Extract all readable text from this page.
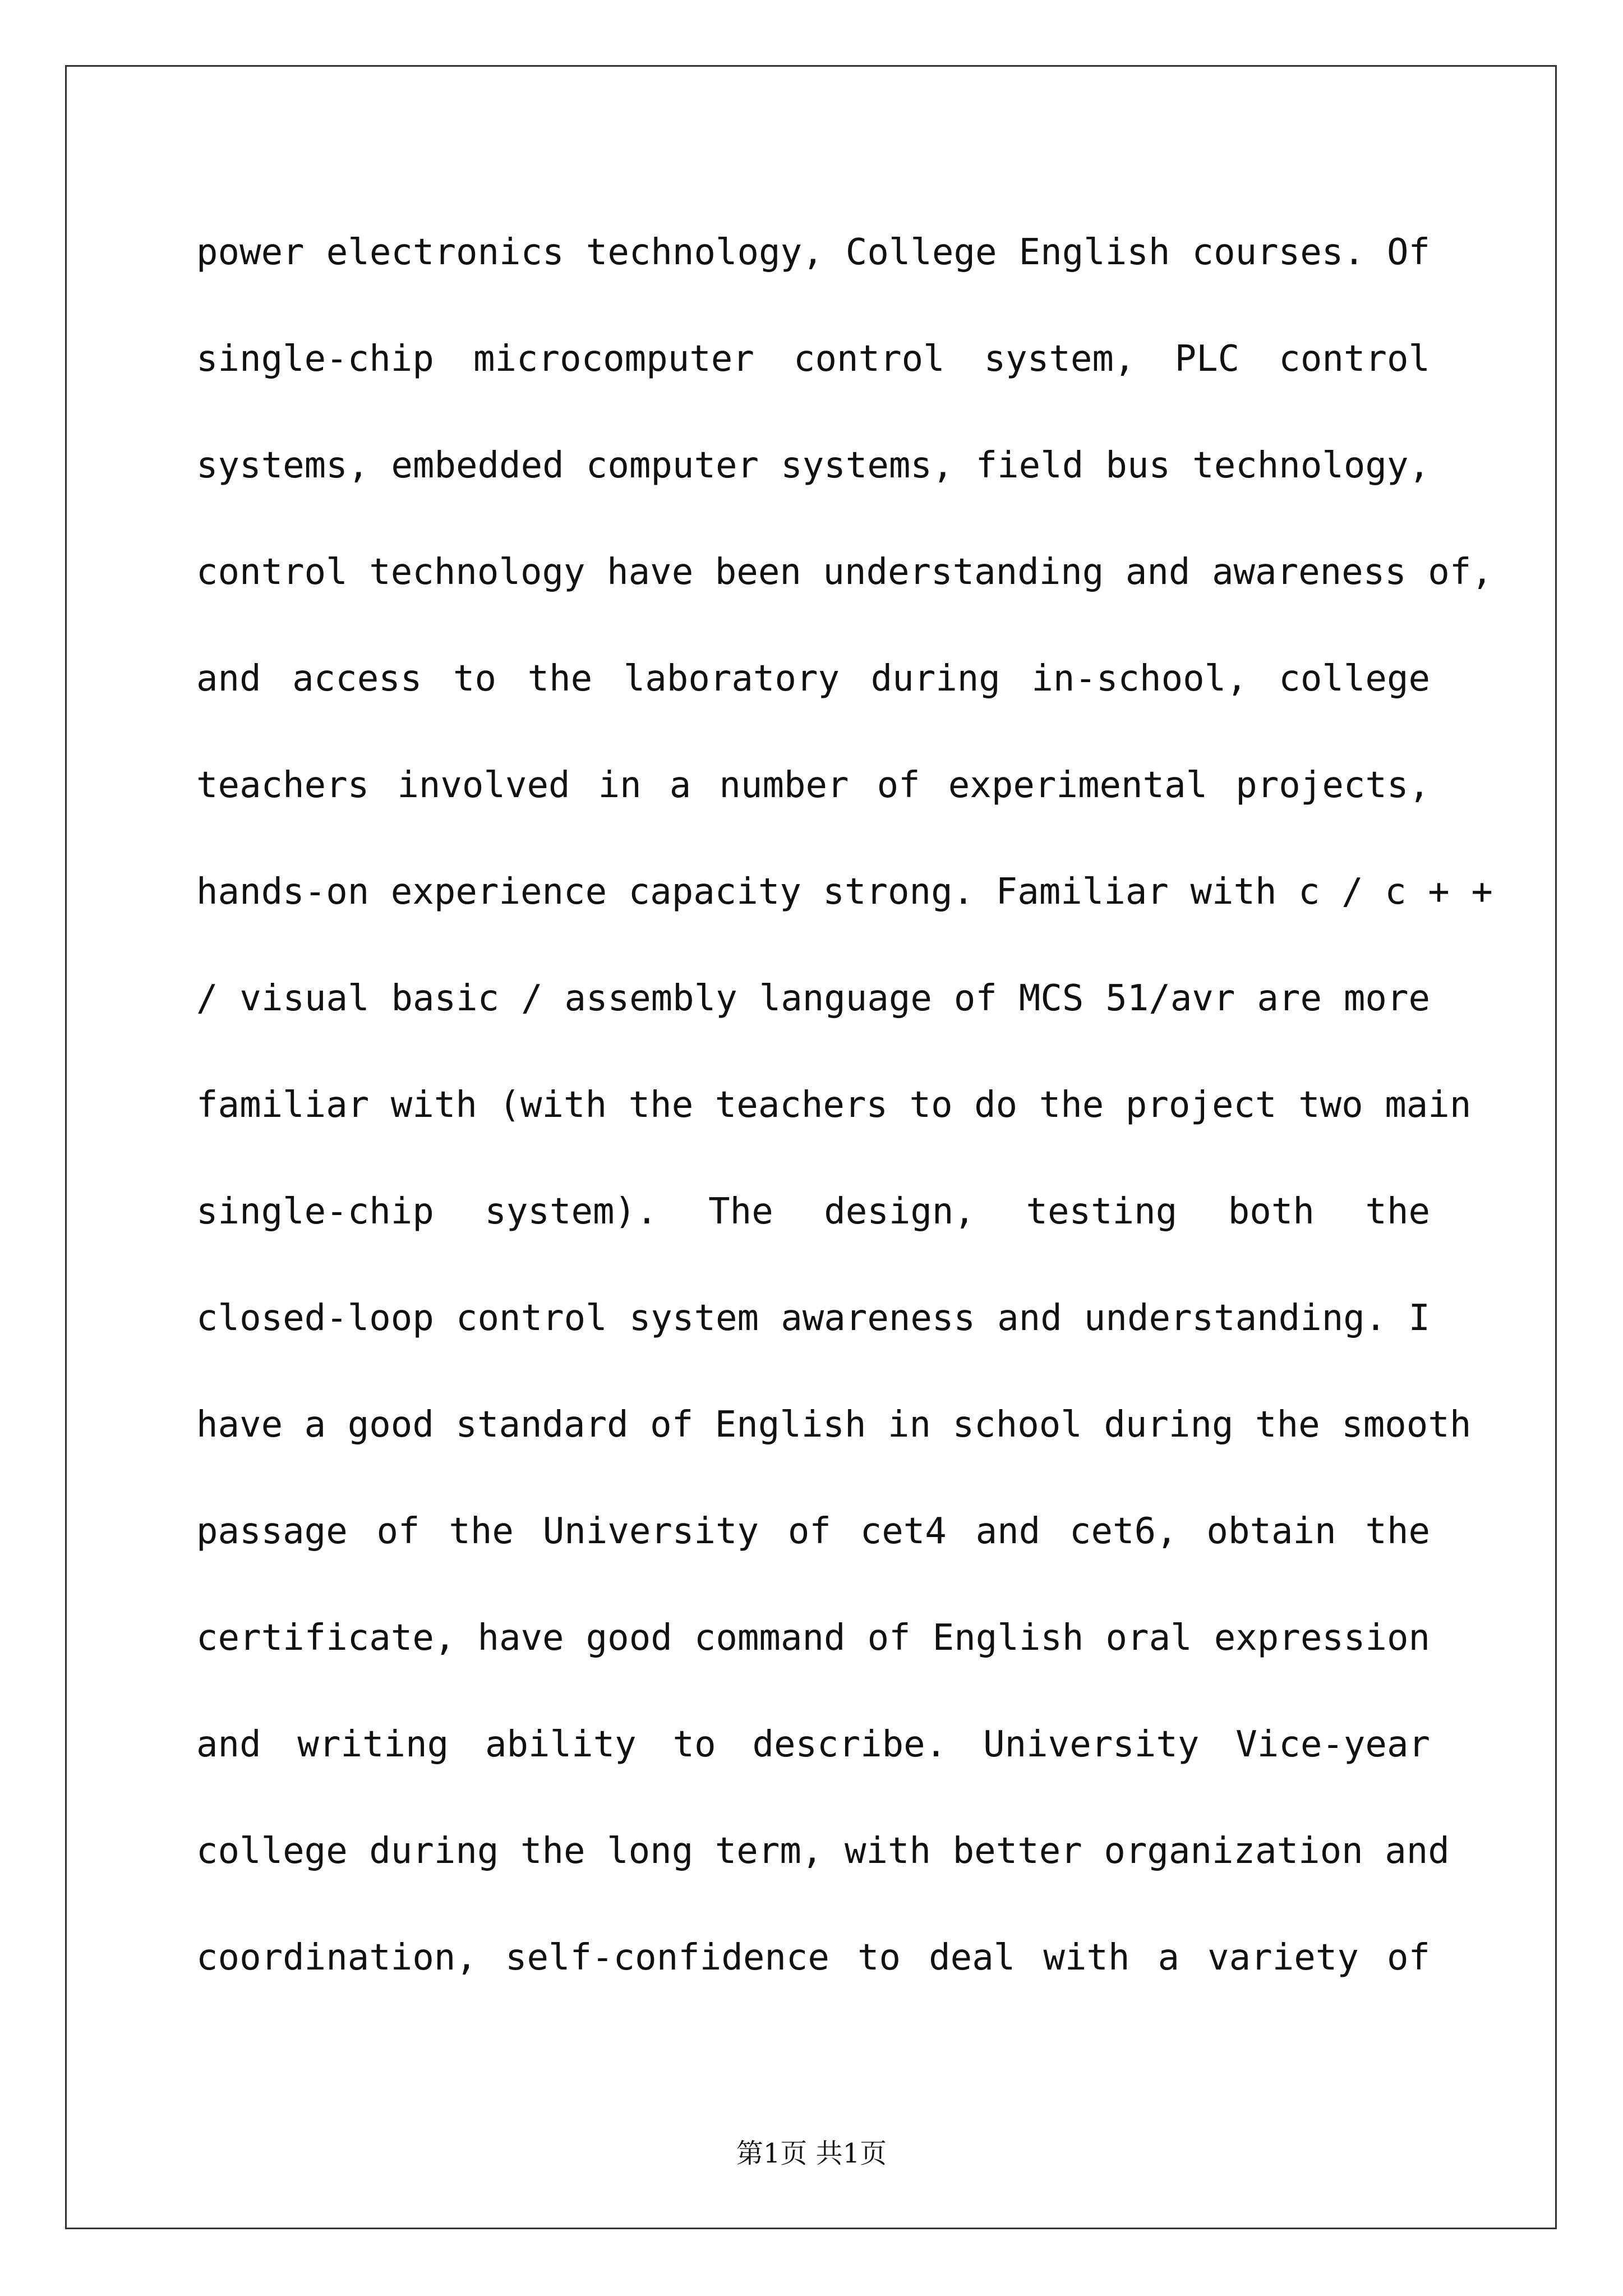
power electronics technology, College English courses. Of
single-chip microcomputer control system, PLC control
systems, embedded computer systems, field bus technology,
control technology have been understanding and awareness of,
and access to the laboratory during in-school, college
teachers involved in a number of experimental projects,
hands-on experience capacity strong. Familiar with c / c + +
/ visual basic / assembly language of MCS 51/avr are more
familiar with (with the teachers to do the project two main
single-chip system). The design, testing both the
closed-loop control system awareness and understanding. I
have a good standard of English in school during the smooth
passage of the University of cet4 and cet6, obtain the
certificate, have good command of English oral expression
and writing ability to describe. University Vice-year
college during the long term, with better organization and
coordination, self-confidence to deal with a variety of
第1页 共1页
